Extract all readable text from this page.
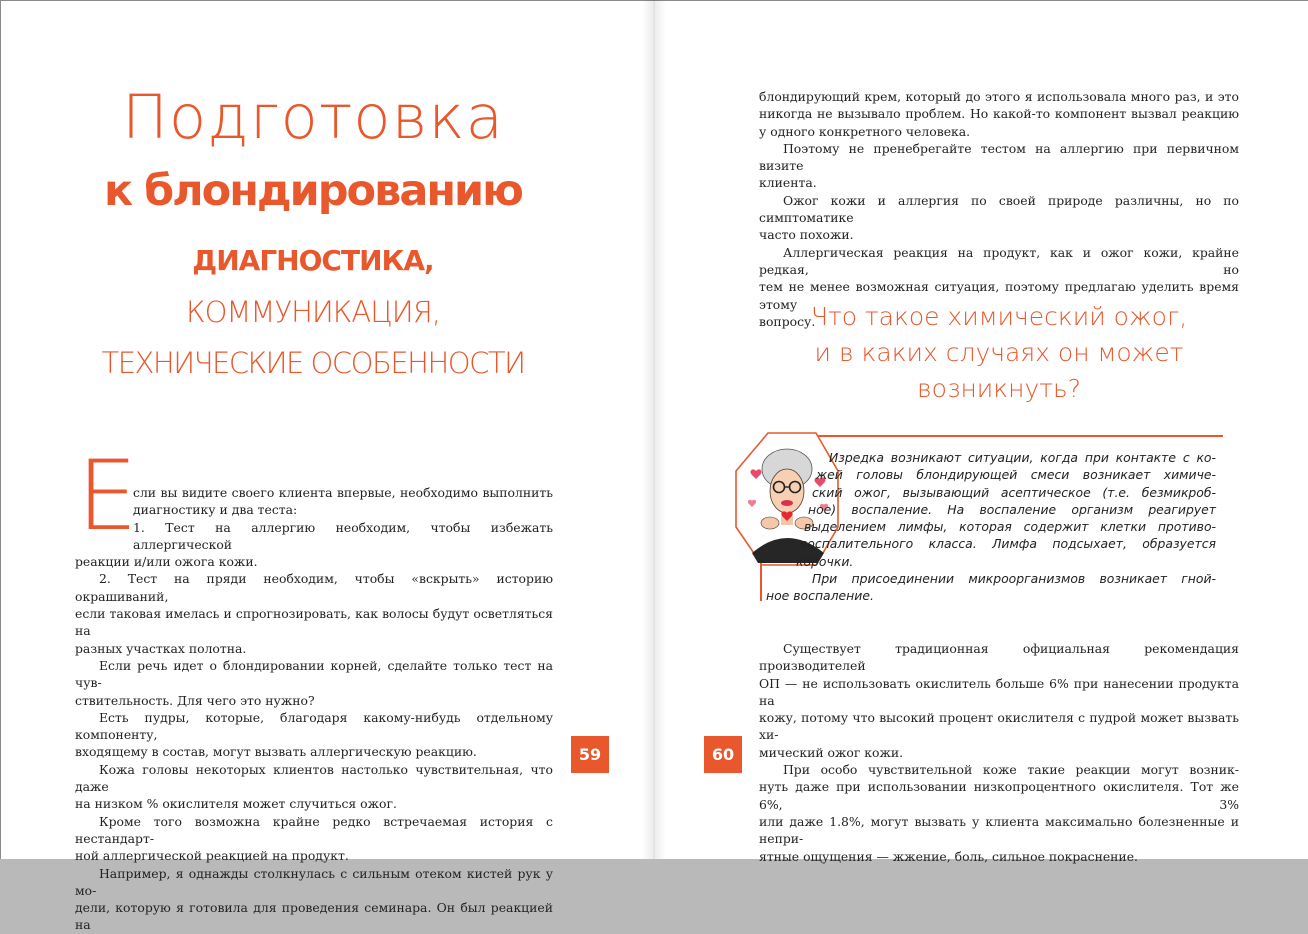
Подготовка
к блондированию
ДИАГНОСТИКА,
КОММУНИКАЦИЯ,
ТЕХНИЧЕСКИЕ ОСОБЕННОСТИ
Е
сли вы видите своего клиента впервые, необходимо выполнить
диагностику и два теста:
1. Тест на аллергию необходим, чтобы избежать аллергической
реакции и/или ожога кожи.
2. Тест на пряди необходим, чтобы «вскрыть» историю окрашиваний,
если таковая имелась и спрогнозировать, как волосы будут осветляться на
разных участках полотна.
Если речь идет о блондировании корней, сделайте только тест на чув-
ствительность. Для чего это нужно?
Есть пудры, которые, благодаря какому-нибудь отдельному компоненту,
входящему в состав, могут вызвать аллергическую реакцию.
Кожа головы некоторых клиентов настолько чувствительная, что даже
на низком % окислителя может случиться ожог.
Кроме того возможна крайне редко встречаемая история с нестандарт-
ной аллергической реакцией на продукт.
Например, я однажды столкнулась с сильным отеком кистей рук у мо-
дели, которую я готовила для проведения семинара. Он был реакцией на
59
блондирующий крем, который до этого я использовала много раз, и это
никогда не вызывало проблем. Но какой-то компонент вызвал реакцию
у одного конкретного человека.
Поэтому не пренебрегайте тестом на аллергию при первичном визите
клиента.
Ожог кожи и аллергия по своей природе различны, но по симптоматике
часто похожи.
Аллергическая реакция на продукт, как и ожог кожи, крайне редкая, но
тем не менее возможная ситуация, поэтому предлагаю уделить время этому
вопросу.
Что такое химический ожог,
и в каких случаях он может
возникнуть?
Изредка возникают ситуации, когда при контакте с ко-
жей головы блондирующей смеси возникает химиче-
ский ожог, вызывающий асептическое (т.е. безмикроб-
ное) воспаление. На воспаление организм реагирует
выделением лимфы, которая содержит клетки противо-
воспалительного класса. Лимфа подсыхает, образуется
корочки.
При присоединении микроорганизмов возникает гной-
ное воспаление.
Существует традиционная официальная рекомендация производителей
ОП — не использовать окислитель больше 6% при нанесении продукта на
кожу, потому что высокий процент окислителя с пудрой может вызвать хи-
мический ожог кожи.
При особо чувствительной коже такие реакции могут возник-
нуть даже при использовании низкопроцентного окислителя. Тот же 6%, 3%
или даже 1.8%, могут вызвать у клиента максимально болезненные и непри-
ятные ощущения — жжение, боль, сильное покраснение.
60
